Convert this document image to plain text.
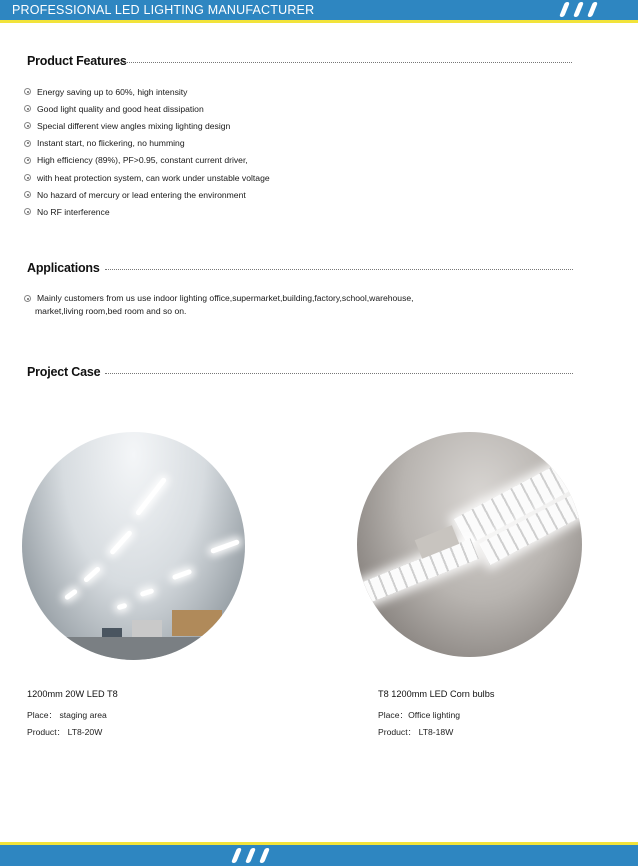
PROFESSIONAL LED LIGHTING MANUFACTURER
Product Features
Energy saving up to 60%, high intensity
Good light quality and good heat dissipation
Special different view angles mixing lighting design
Instant start, no flickering, no humming
High efficiency (89%), PF>0.95, constant current driver,
with heat protection system, can work under unstable voltage
No hazard of mercury or lead entering the environment
No RF interference
Applications
Mainly customers from us use indoor lighting office,supermarket,building,factory,school,warehouse,
market,living room,bed room and so on.
Project Case
1200mm 20W LED T8
Place： staging area
Product： LT8-20W
T8 1200mm LED Corn bulbs
Place：Office lighting
Product： LT8-18W
